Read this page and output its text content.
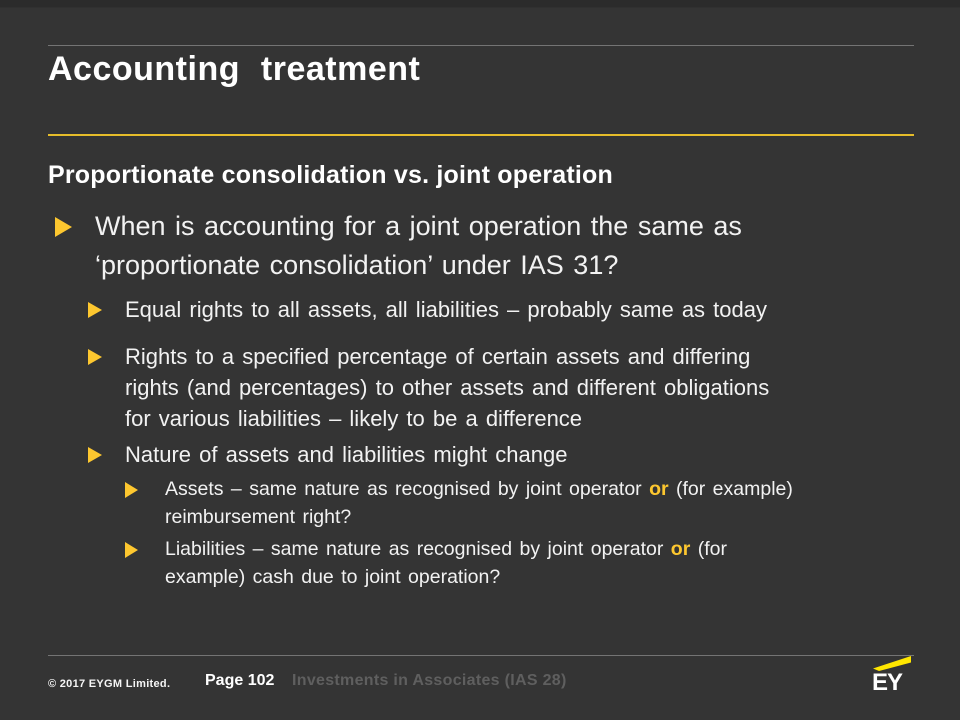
Accounting treatment
Proportionate consolidation vs. joint operation
When is accounting for a joint operation the same as
‘proportionate consolidation’ under IAS 31?
Equal rights to all assets, all liabilities – probably same as today
Rights to a specified percentage of certain assets and differing
rights (and percentages) to other assets and different obligations
for various liabilities – likely to be a difference
Nature of assets and liabilities might change
Assets – same nature as recognised by joint operator or (for example)
reimbursement right?
Liabilities – same nature as recognised by joint operator or (for
example) cash due to joint operation?
© 2017 EYGM Limited. Page 102 Investments in Associates (IAS 28)	EY
